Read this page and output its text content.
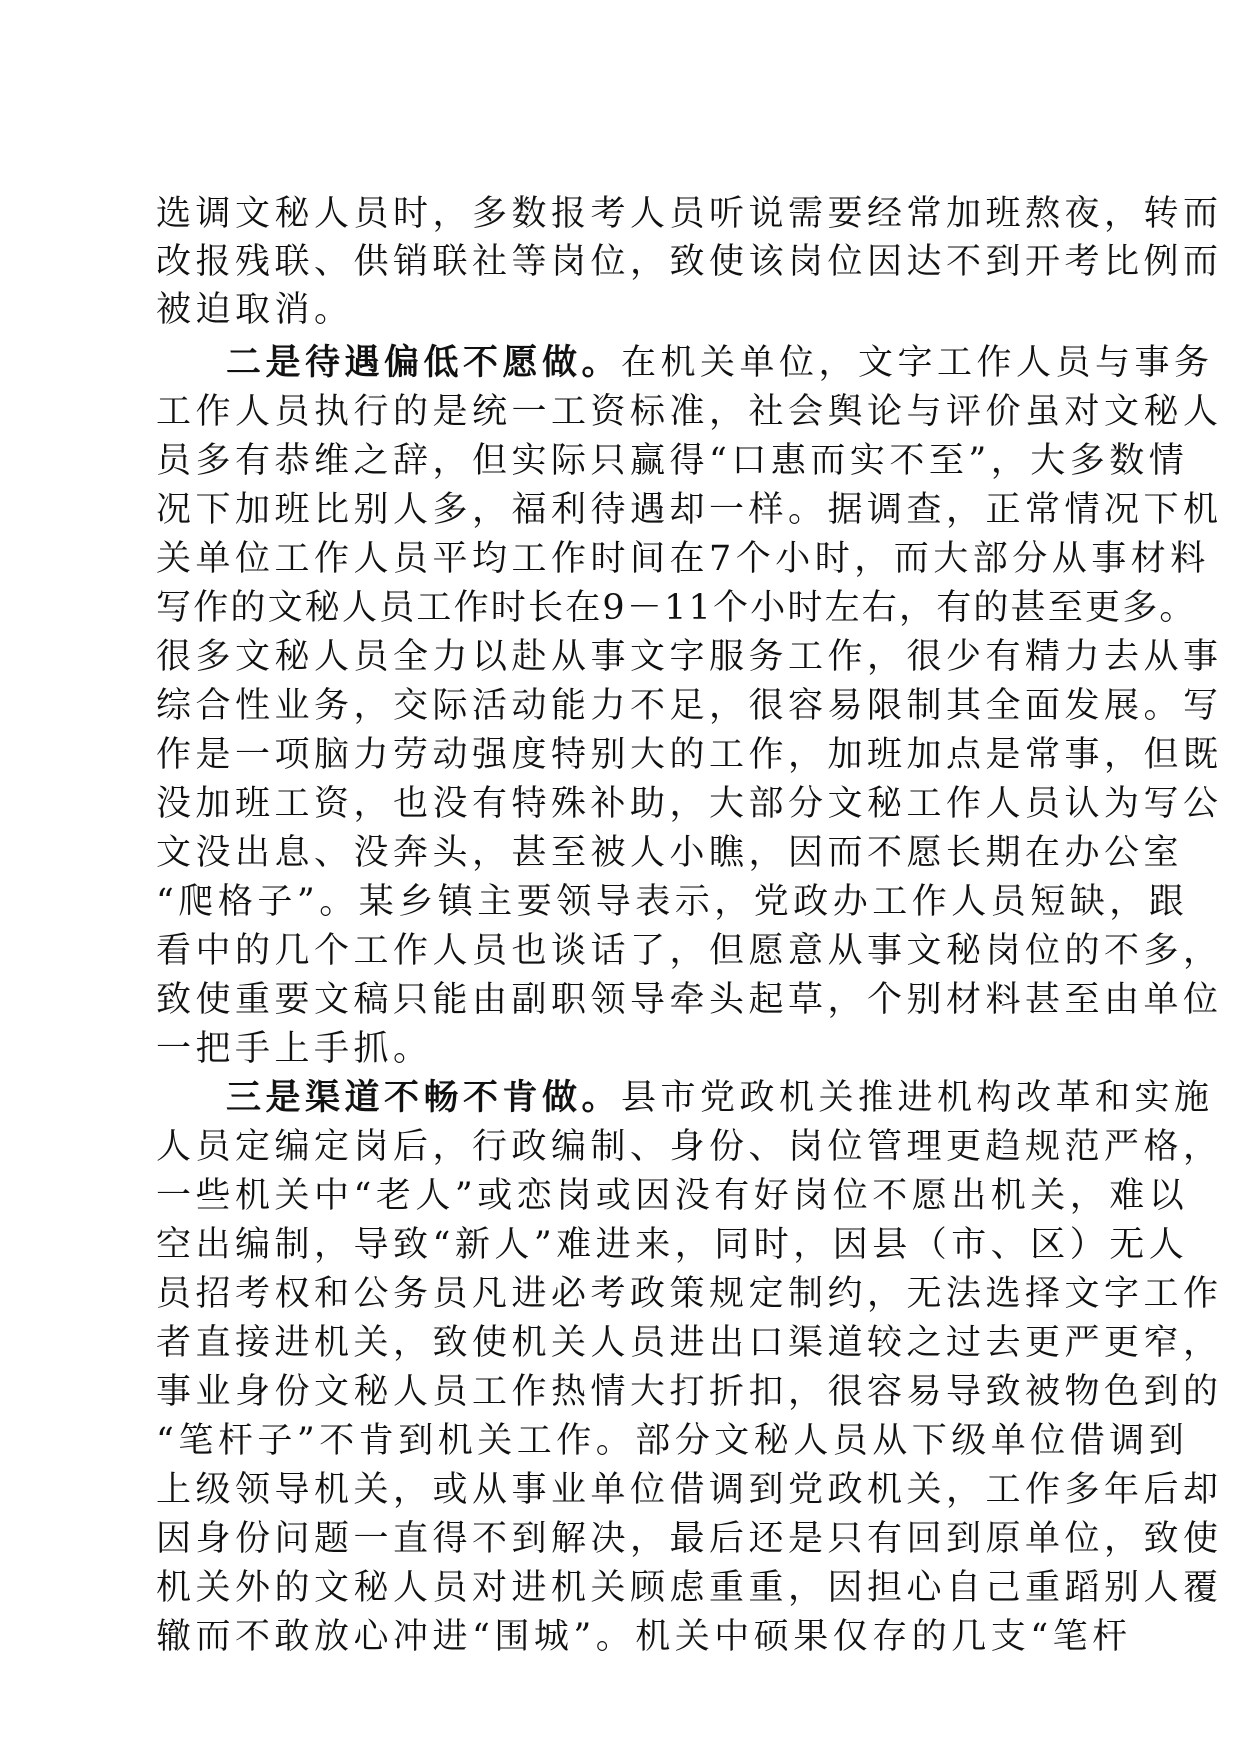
选调文秘人员时，多数报考人员听说需要经常加班熬夜，转而
改报残联、供销联社等岗位，致使该岗位因达不到开考比例而
被迫取消。
二是待遇偏低不愿做。在机关单位，文字工作人员与事务
工作人员执行的是统一工资标准，社会舆论与评价虽对文秘人
员多有恭维之辞，但实际只赢得“口惠而实不至”，大多数情
况下加班比别人多，福利待遇却一样。据调查，正常情况下机
关单位工作人员平均工作时间在7个小时，而大部分从事材料
写作的文秘人员工作时长在9－11个小时左右，有的甚至更多。
很多文秘人员全力以赴从事文字服务工作，很少有精力去从事
综合性业务，交际活动能力不足，很容易限制其全面发展。写
作是一项脑力劳动强度特别大的工作，加班加点是常事，但既
没加班工资，也没有特殊补助，大部分文秘工作人员认为写公
文没出息、没奔头，甚至被人小瞧，因而不愿长期在办公室
“爬格子”。某乡镇主要领导表示，党政办工作人员短缺，跟
看中的几个工作人员也谈话了，但愿意从事文秘岗位的不多，
致使重要文稿只能由副职领导牵头起草，个别材料甚至由单位
一把手上手抓。
三是渠道不畅不肯做。县市党政机关推进机构改革和实施
人员定编定岗后，行政编制、身份、岗位管理更趋规范严格，
一些机关中“老人”或恋岗或因没有好岗位不愿出机关，难以
空出编制，导致“新人”难进来，同时，因县（市、区）无人
员招考权和公务员凡进必考政策规定制约，无法选择文字工作
者直接进机关，致使机关人员进出口渠道较之过去更严更窄，
事业身份文秘人员工作热情大打折扣，很容易导致被物色到的
“笔杆子”不肯到机关工作。部分文秘人员从下级单位借调到
上级领导机关，或从事业单位借调到党政机关，工作多年后却
因身份问题一直得不到解决，最后还是只有回到原单位，致使
机关外的文秘人员对进机关顾虑重重，因担心自己重蹈别人覆
辙而不敢放心冲进“围城”。机关中硕果仅存的几支“笔杆
